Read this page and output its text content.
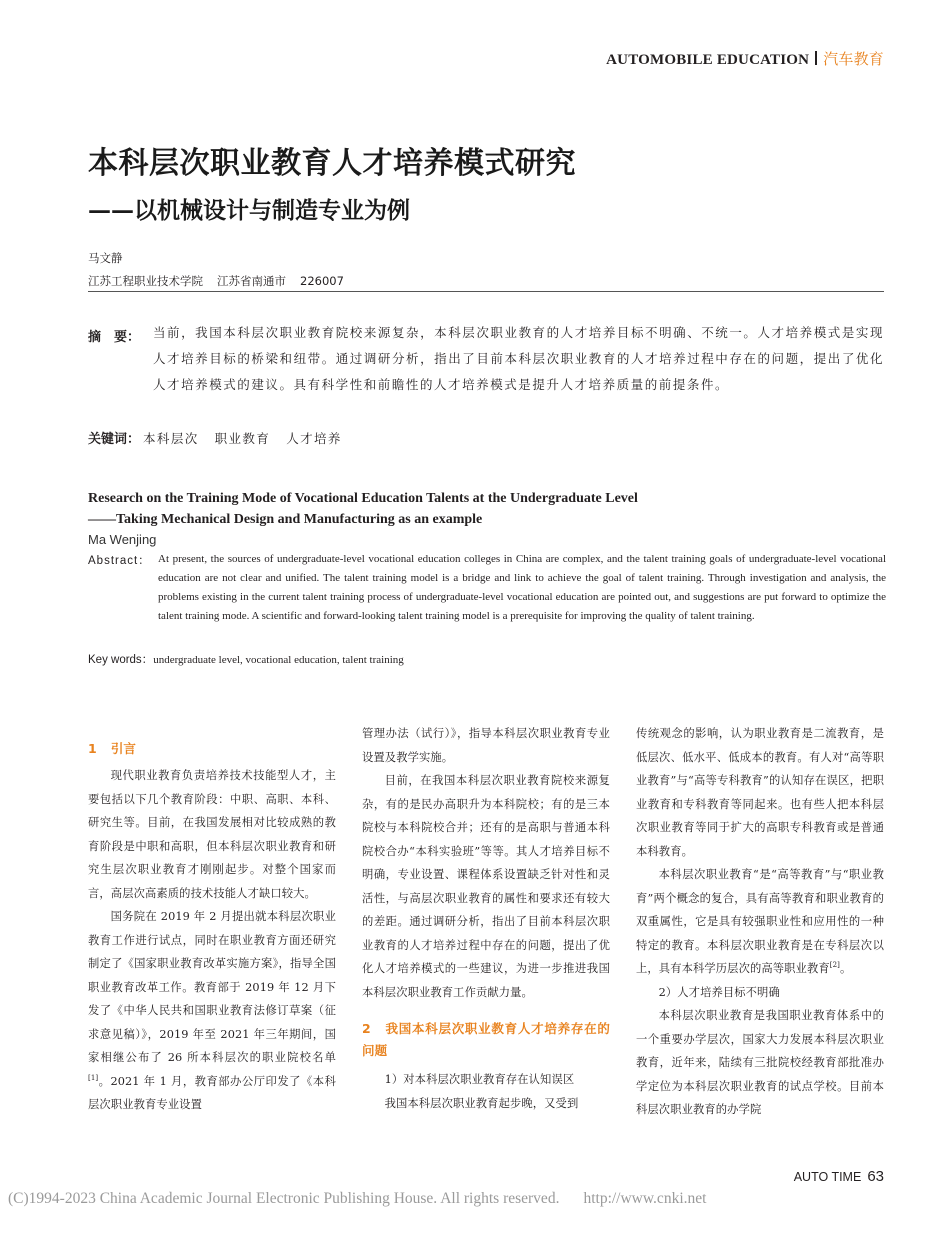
AUTOMOBILE EDUCATION 汽车教育
本科层次职业教育人才培养模式研究
——以机械设计与制造专业为例
马文静
江苏工程职业技术学院 江苏省南通市 226007
摘　要： 当前，我国本科层次职业教育院校来源复杂，本科层次职业教育的人才培养目标不明确、不统一。人才培养模式是实现人才培养目标的桥梁和纽带。通过调研分析，指出了目前本科层次职业教育的人才培养过程中存在的问题，提出了优化人才培养模式的建议。具有科学性和前瞻性的人才培养模式是提升人才培养质量的前提条件。
关键词： 本科层次 职业教育 人才培养
Research on the Training Mode of Vocational Education Talents at the Undergraduate Level
——Taking Mechanical Design and Manufacturing as an example
Ma Wenjing
Abstract： At present, the sources of undergraduate-level vocational education colleges in China are complex, and the talent training goals of undergraduate-level vocational education are not clear and unified. The talent training model is a bridge and link to achieve the goal of talent training. Through investigation and analysis, the problems existing in the current talent training process of undergraduate-level vocational education are pointed out, and suggestions are put forward to optimize the talent training mode. A scientific and forward-looking talent training model is a prerequisite for improving the quality of talent training.
Key words：undergraduate level, vocational education, talent training
1 引言

现代职业教育负责培养技术技能型人才，主要包括以下几个教育阶段：中职、高职、本科、研究生等。目前，在我国发展相对比较成熟的教育阶段是中职和高职，但本科层次职业教育和研究生层次职业教育才刚刚起步。对整个国家而言，高层次高素质的技术技能人才缺口较大。

国务院在 2019 年 2 月提出就本科层次职业教育工作进行试点，同时在职业教育方面还研究制定了《国家职业教育改革实施方案》，指导全国职业教育改革工作。教育部于 2019 年 12 月下发了《中华人民共和国职业教育法修订草案（征求意见稿）》，2019 年至 2021 年三年期间，国家相继公布了 26 所本科层次的职业院校名单[1]。2021 年 1 月，教育部办公厅印发了《本科层次职业教育专业设置

管理办法（试行）》，指导本科层次职业教育专业设置及教学实施。

目前，在我国本科层次职业教育院校来源复杂，有的是民办高职升为本科院校；有的是三本院校与本科院校合并；还有的是高职与普通本科院校合办“本科实验班”等等。其人才培养目标不明确，专业设置、课程体系设置缺乏针对性和灵活性，与高层次职业教育的属性和要求还有较大的差距。通过调研分析，指出了目前本科层次职业教育的人才培养过程中存在的问题，提出了优化人才培养模式的一些建议，为进一步推进我国本科层次职业教育工作贡献力量。

2 我国本科层次职业教育人才培养存在的问题

1）对本科层次职业教育存在认知误区

我国本科层次职业教育起步晚，又受到

传统观念的影响，认为职业教育是二流教育，是低层次、低水平、低成本的教育。有人对“高等职业教育”与“高等专科教育”的认知存在误区，把职业教育和专科教育等同起来。也有些人把本科层次职业教育等同于扩大的高职专科教育或是普通本科教育。

本科层次职业教育“是“高等教育”与“职业教育”两个概念的复合，具有高等教育和职业教育的双重属性，它是具有较强职业性和应用性的一种特定的教育。本科层次职业教育是在专科层次以上，具有本科学历层次的高等职业教育[2]。

2）人才培养目标不明确

本科层次职业教育是我国职业教育体系中的一个重要办学层次，国家大力发展本科层次职业教育，近年来，陆续有三批院校经教育部批准办学定位为本科层次职业教育的试点学校。目前本科层次职业教育的办学院

AUTO TIME 63
(C)1994-2023 China Academic Journal Electronic Publishing House. All rights reserved. http://www.cnki.net
